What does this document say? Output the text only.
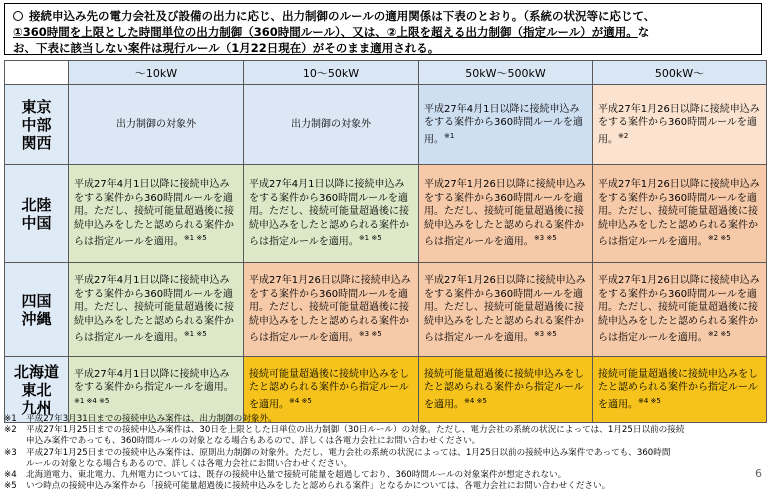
接続申込み先の電力会社及び設備の出力に応じ、出力制御のルールの適用関係は下表のとおり。（系統の状況等に応じて、
①360時間を上限とした時間単位の出力制御（360時間ルール）、又は、②上限を超える出力制御（指定ルール）が適用。な
お、下表に該当しない案件は現行ルール（1月22日現在）がそのまま適用される。
	～10kW	10～50kW	50kW～500kW	500kW～
東京
中部
関西	出力制御の対象外	出力制御の対象外	平成27年4月1日以降に接続申込みをする案件から360時間ルールを適用。$^{※1}$	平成27年1月26日以降に接続申込みをする案件から360時間ルールを適用。$^{※2}$
北陸
中国	平成27年4月1日以降に接続申込みをする案件から360時間ルールを適用。ただし、接続可能量超過後に接続申込みをしたと認められる案件からは指定ルールを適用。$^{※1 ※5}$	平成27年4月1日以降に接続申込みをする案件から360時間ルールを適用。ただし、接続可能量超過後に接続申込みをしたと認められる案件からは指定ルールを適用。$^{※1 ※5}$	平成27年1月26日以降に接続申込みをする案件から360時間ルールを適用。ただし、接続可能量超過後に接続申込みをしたと認められる案件からは指定ルールを適用。$^{※3 ※5}$	平成27年1月26日以降に接続申込みをする案件から360時間ルールを適用。ただし、接続可能量超過後に接続申込みをしたと認められる案件からは指定ルールを適用。$^{※2 ※5}$
四国
沖縄	平成27年4月1日以降に接続申込みをする案件から360時間ルールを適用。ただし、接続可能量超過後に接続申込みをしたと認められる案件からは指定ルールを適用。$^{※1 ※5}$	平成27年1月26日以降に接続申込みをする案件から360時間ルールを適用。ただし、接続可能量超過後に接続申込みをしたと認められる案件からは指定ルールを適用。$^{※3 ※5}$	平成27年1月26日以降に接続申込みをする案件から360時間ルールを適用。ただし、接続可能量超過後に接続申込みをしたと認められる案件からは指定ルールを適用。$^{※3 ※5}$	平成27年1月26日以降に接続申込みをする案件から360時間ルールを適用。ただし、接続可能量超過後に接続申込みをしたと認められる案件からは指定ルールを適用。$^{※2 ※5}$
北海道
東北
九州	平成27年4月1日以降に接続申込みをする案件から指定ルールを適用。$^{※1 ※4 ※5}$	接続可能量超過後に接続申込みをしたと認められる案件から指定ルールを適用。$^{※4 ※5}$	接続可能量超過後に接続申込みをしたと認められる案件から指定ルールを適用。$^{※4 ※5}$	接続可能量超過後に接続申込みをしたと認められる案件から指定ルールを適用。$^{※4 ※5}$
※1 平成27年3月31日までの接続申込み案件は、出力制御の対象外。
※2 平成27年1月25日までの接続申込み案件は、30日を上限とした日単位の出力制御（30日ルール）の対象。ただし、電力会社の系統の状況によっては、1月25日以前の接続
申込み案件であっても、360時間ルールの対象となる場合もあるので、詳しくは各電力会社にお問い合わせください。
※3 平成27年1月25日までの接続申込み案件は、原則出力制御の対象外。ただし、電力会社の系統の状況によっては、1月25日以前の接続申込み案件であっても、360時間
ルールの対象となる場合もあるので、詳しくは各電力会社にお問い合わせください。
※4 北海道電力、東北電力、九州電力については、既存の接続申込量で接続可能量を超過しており、360時間ルールの対象案件が想定されない。
※5 いつ時点の接続申込み案件から「接続可能量超過後に接続申込みをしたと認められる案件」となるかについては、各電力会社にお問い合わせください。
6
